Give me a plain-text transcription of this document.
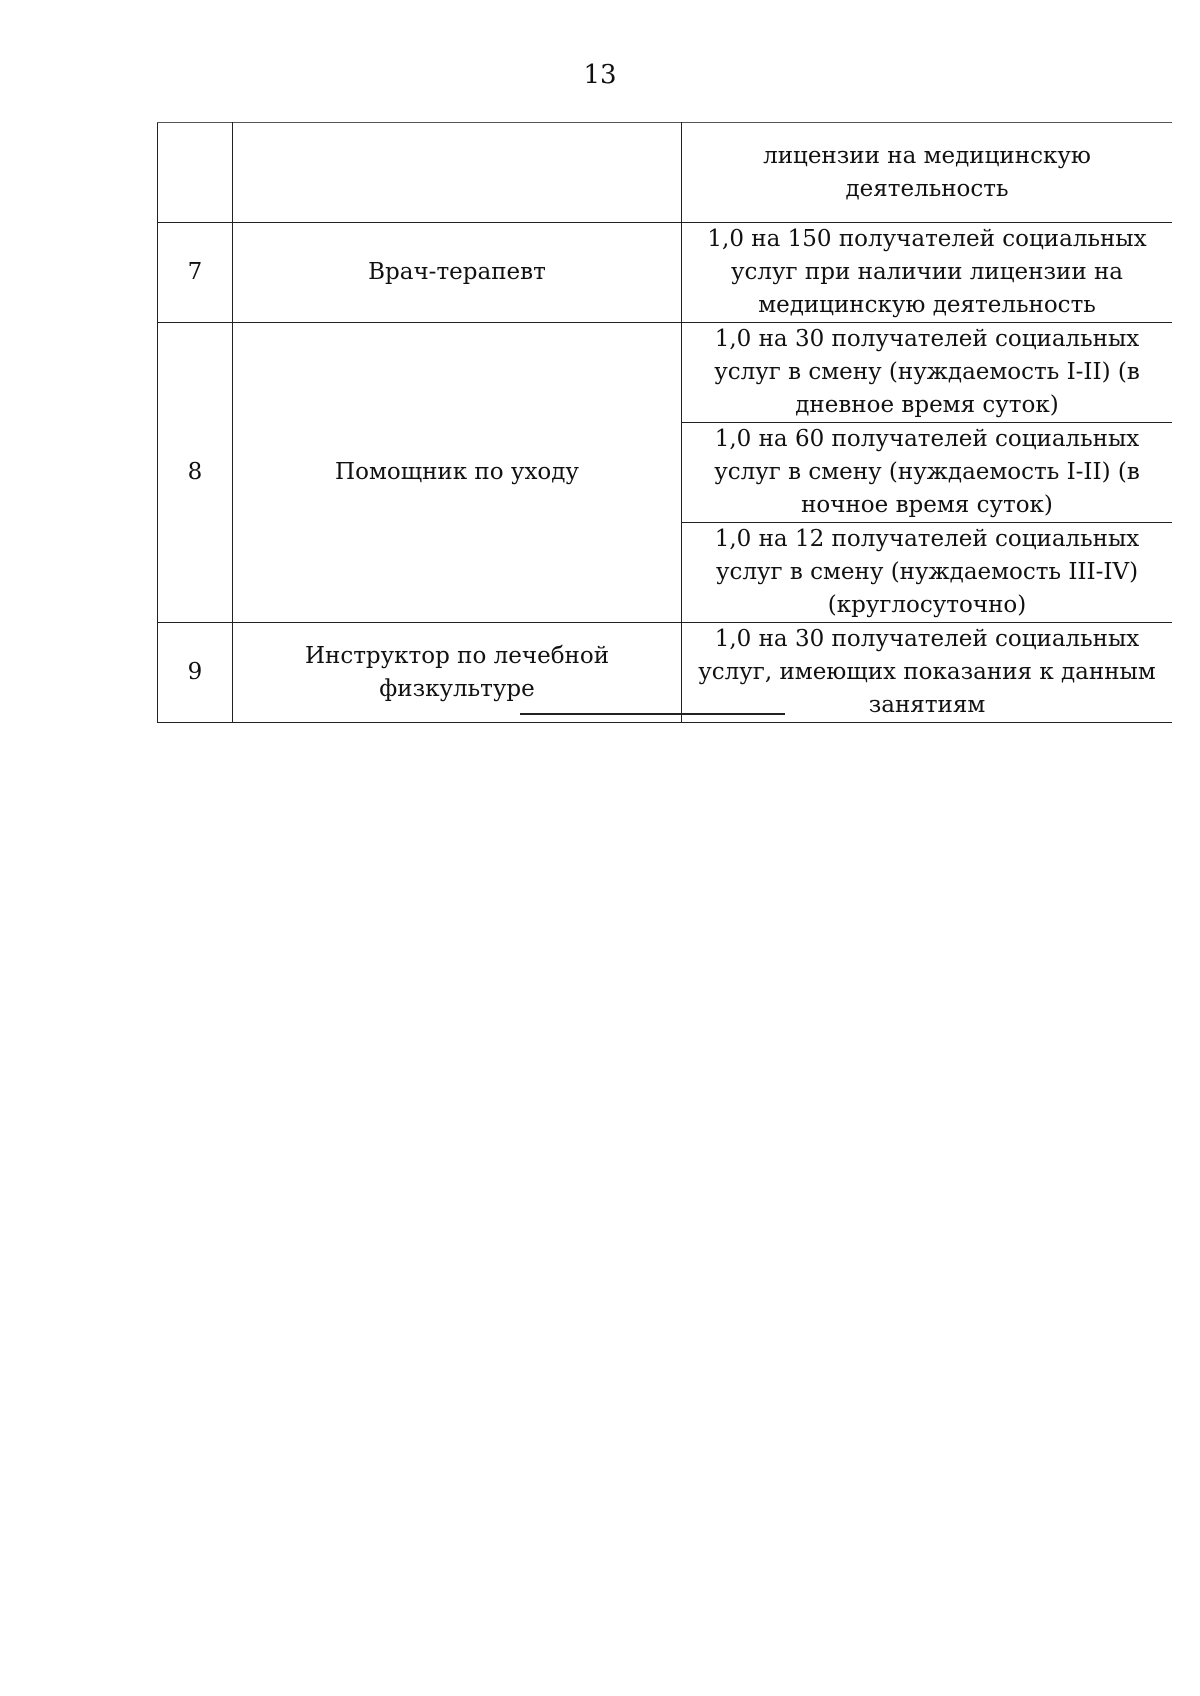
13
		лицензии на медицинскую деятельность
7	Врач-терапевт	1,0 на 150 получателей социальных услуг при наличии лицензии на медицинскую деятельность
8	Помощник по уходу	1,0 на 30 получателей социальных услуг в смену (нуждаемость I-II) (в дневное время суток)
		1,0 на 60 получателей социальных услуг в смену (нуждаемость I-II) (в ночное время суток)
		1,0 на 12 получателей социальных услуг в смену (нуждаемость III-IV) (круглосуточно)
9	Инструктор по лечебной физкультуре	1,0 на 30 получателей социальных услуг, имеющих показания к данным занятиям
